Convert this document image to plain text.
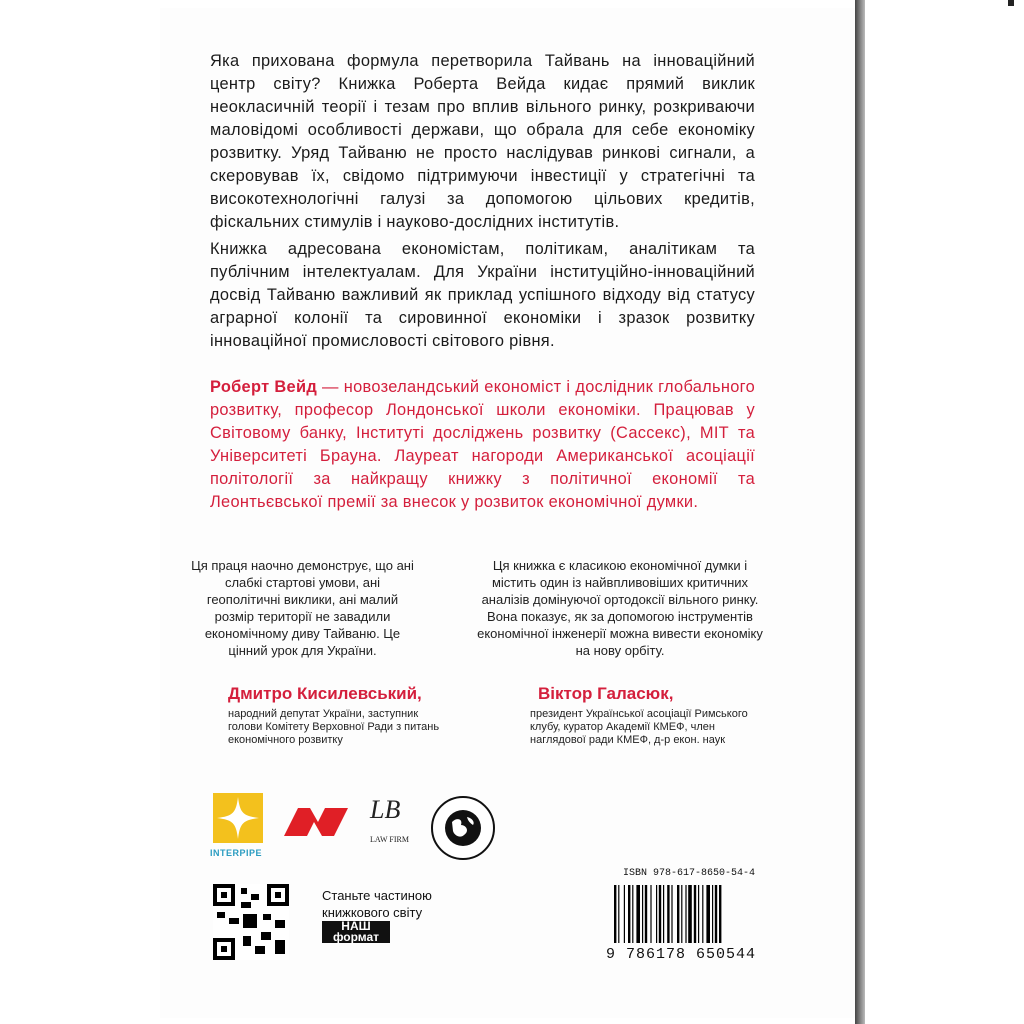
Яка прихована формула перетворила Тайвань на інноваційний центр світу? Книжка Роберта Вейда кидає прямий виклик неокласичній теорії і тезам про вплив вільного ринку, розкриваючи маловідомі особливості держави, що обрала для себе економіку розвитку. Уряд Тайваню не просто наслідував ринкові сигнали, а скеровував їх, свідомо підтримуючи інвестиції у стратегічні та високотехнологічні галузі за допомогою цільових кредитів, фіскальних стимулів і науково-дослідних інститутів.
Книжка адресована економістам, політикам, аналітикам та публічним інтелектуалам. Для України інституційно-інноваційний досвід Тайваню важливий як приклад успішного відходу від статусу аграрної колонії та сировинної економіки і зразок розвитку інноваційної промисловості світового рівня.
Роберт Вейд — новозеландський економіст і дослідник глобального розвитку, професор Лондонської школи економіки. Працював у Світовому банку, Інституті досліджень розвитку (Сассекс), МІТ та Університеті Брауна. Лауреат нагороди Американської асоціації політології за найкращу книжку з політичної економії та Леонтьєвської премії за внесок у розвиток економічної думки.
Ця праця наочно демонструє, що ані слабкі стартові умови, ані геополітичні виклики, ані малий розмір території не завадили економічному диву Тайваню. Це цінний урок для України.
Ця книжка є класикою економічної думки і містить один із найвпливовіших критичних аналізів домінуючої ортодоксії вільного ринку. Вона показує, як за допомогою інструментів економічної інженерії можна вивести економіку на нову орбіту.
Дмитро Кисилевський,	Віктор Галасюк,
народний депутат України, заступник голови Комітету Верховної Ради з питань економічного розвитку
президент Української асоціації Римського клубу, куратор Академії КМЕФ, член наглядової ради КМЕФ, д-р екон. наук
INTERPIPE
LB
LAW FIRM
Станьте частиною
книжкового світу
НАШ
формат
ISBN 978-617-8650-54-4
9 786178 650544
